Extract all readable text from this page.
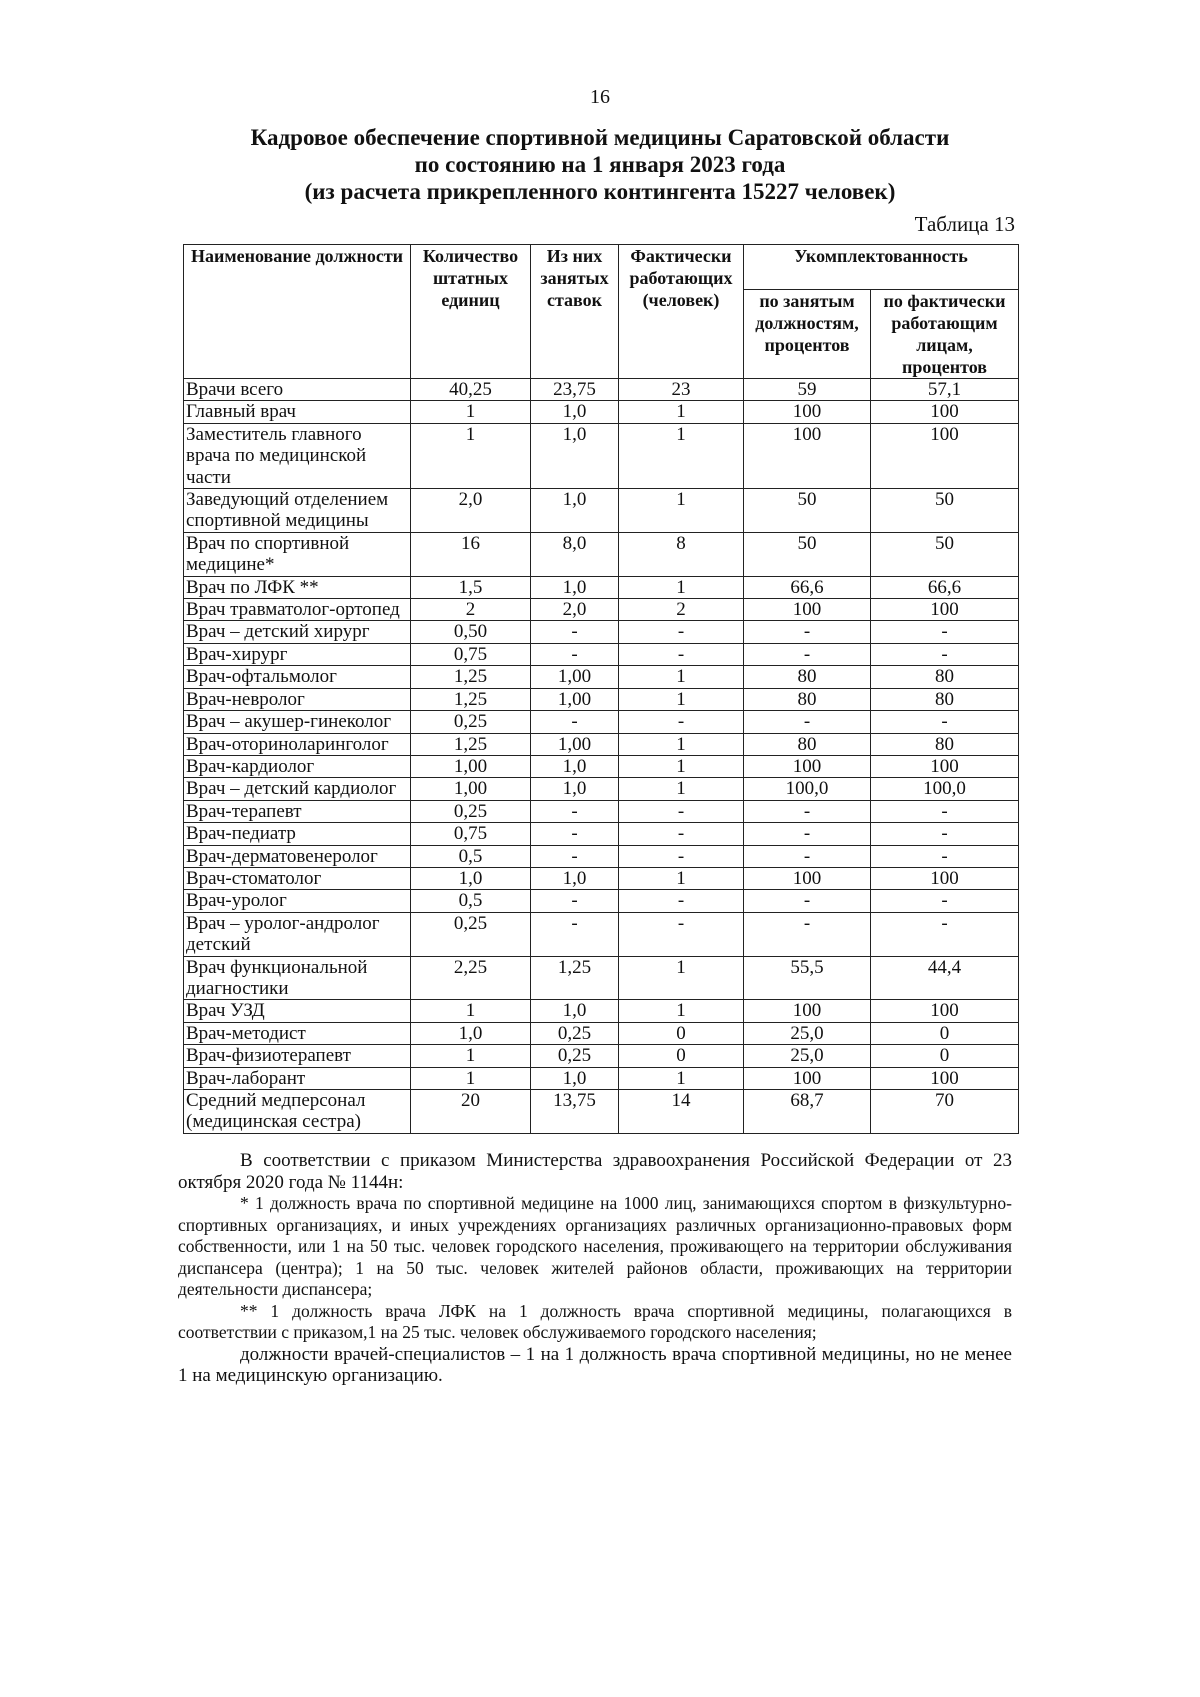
16
Кадровое обеспечение спортивной медицины Саратовской области
по состоянию на 1 января 2023 года
(из расчета прикрепленного контингента 15227 человек)
Таблица 13
Наименование должности	Количество штатных единиц	Из них занятых ставок	Фактически работающих (человек)	Укомплектованность	
				по занятым должностям, процентов	по фактически работающим лицам, процентов
Врачи всего	40,25	23,75	23	59	57,1
Главный врач	1	1,0	1	100	100
Заместитель главного врача по медицинской части	1	1,0	1	100	100
Заведующий отделением спортивной медицины	2,0	1,0	1	50	50
Врач по спортивной медицине*	16	8,0	8	50	50
Врач по ЛФК **	1,5	1,0	1	66,6	66,6
Врач травматолог-ортопед	2	2,0	2	100	100
Врач – детский хирург	0,50	-	-	-	-
Врач-хирург	0,75	-	-	-	-
Врач-офтальмолог	1,25	1,00	1	80	80
Врач-невролог	1,25	1,00	1	80	80
Врач – акушер-гинеколог	0,25	-	-	-	-
Врач-оториноларинголог	1,25	1,00	1	80	80
Врач-кардиолог	1,00	1,0	1	100	100
Врач – детский кардиолог	1,00	1,0	1	100,0	100,0
Врач-терапевт	0,25	-	-	-	-
Врач-педиатр	0,75	-	-	-	-
Врач-дерматовенеролог	0,5	-	-	-	-
Врач-стоматолог	1,0	1,0	1	100	100
Врач-уролог	0,5	-	-	-	-
Врач – уролог-андролог детский	0,25	-	-	-	-
Врач функциональной диагностики	2,25	1,25	1	55,5	44,4
Врач УЗД	1	1,0	1	100	100
Врач-методист	1,0	0,25	0	25,0	0
Врач-физиотерапевт	1	0,25	0	25,0	0
Врач-лаборант	1	1,0	1	100	100
Средний медперсонал (медицинская сестра)	20	13,75	14	68,7	70

В соответствии с приказом Министерства здравоохранения Российской Федерации от 23 октября 2020 года № 1144н:

* 1 должность врача по спортивной медицине на 1000 лиц, занимающихся спортом в физкультурно-спортивных организациях, и иных учреждениях организациях различных организационно-правовых форм собственности, или 1 на 50 тыс. человек городского населения, проживающего на территории обслуживания диспансера (центра); 1 на 50 тыс. человек жителей районов области, проживающих на территории деятельности диспансера;

** 1 должность врача ЛФК на 1 должность врача спортивной медицины, полагающихся в соответствии с приказом,1 на 25 тыс. человек обслуживаемого городского населения;

должности врачей-специалистов – 1 на 1 должность врача спортивной медицины, но не менее 1 на медицинскую организацию.
